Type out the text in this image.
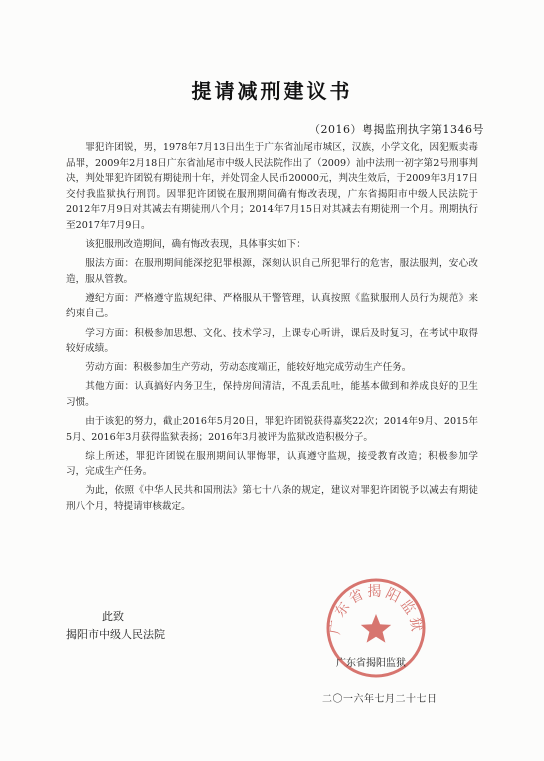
提请减刑建议书
（2016）粤揭监刑执字第1346号

罪犯许团锐，男，1978年7月13日出生于广东省汕尾市城区，汉族，小学文化，因犯贩卖毒品罪，2009年2月18日广东省汕尾市中级人民法院作出了（2009）汕中法刑一初字第2号刑事判决，判处罪犯许团锐有期徒刑十年，并处罚金人民币20000元，判决生效后，于2009年3月17日交付我监狱执行刑罚。因罪犯许团锐在服刑期间确有悔改表现，广东省揭阳市中级人民法院于2012年7月9日对其减去有期徒刑八个月；2014年7月15日对其减去有期徒刑一个月。刑期执行至2017年7月9日。

该犯服刑改造期间，确有悔改表现，具体事实如下：

服法方面：在服刑期间能深挖犯罪根源，深刻认识自己所犯罪行的危害，服法服判，安心改造，服从管教。

遵纪方面：严格遵守监规纪律、严格服从干警管理，认真按照《监狱服刑人员行为规范》来约束自己。

学习方面：积极参加思想、文化、技术学习，上课专心听讲，课后及时复习，在考试中取得较好成绩。

劳动方面：积极参加生产劳动，劳动态度端正，能较好地完成劳动生产任务。

其他方面：认真搞好内务卫生，保持房间清洁，不乱丢乱吐，能基本做到和养成良好的卫生习惯。

由于该犯的努力，截止2016年5月20日，罪犯许团锐获得嘉奖22次；2014年9月、2015年5月、2016年3月获得监狱表扬；2016年3月被评为监狱改造积极分子。

综上所述，罪犯许团锐在服刑期间认罪悔罪，认真遵守监规，接受教育改造；积极参加学习，完成生产任务。

为此，依照《中华人民共和国刑法》第七十八条的规定，建议对罪犯许团锐予以减去有期徒刑八个月，特提请审核裁定。

此致
揭阳市中级人民法院	广东省揭阳监狱
广东省揭阳监狱
二〇一六年七月二十七日
